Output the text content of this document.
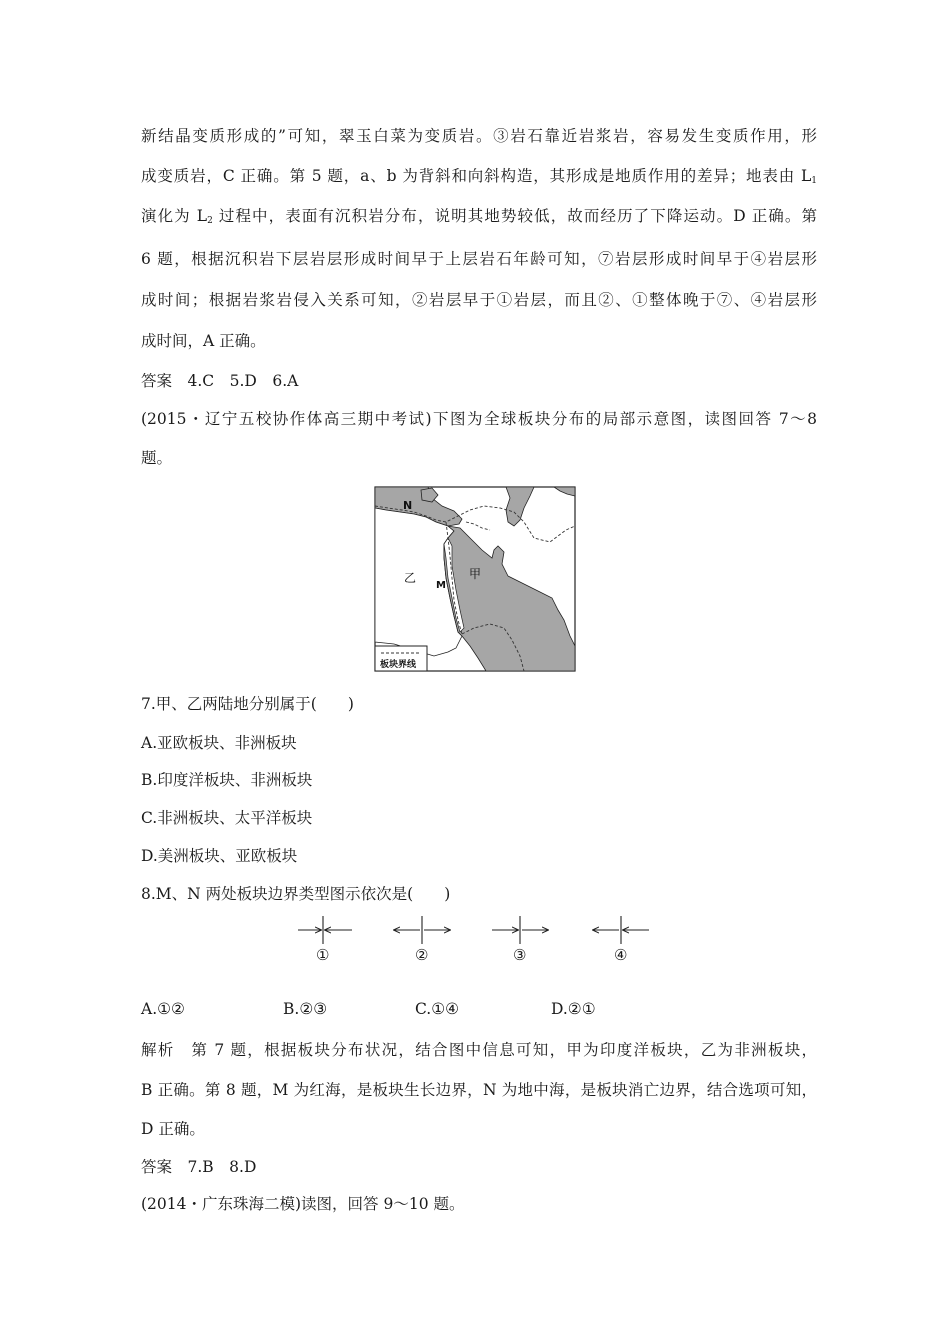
新结晶变质形成的”可知，翠玉白菜为变质岩。③岩石靠近岩浆岩，容易发生变质作用，形
成变质岩，C 正确。第 5 题，a、b 为背斜和向斜构造，其形成是地质作用的差异；地表由 $L_1$
演化为 $L_2$ 过程中，表面有沉积岩分布，说明其地势较低，故而经历了下降运动。D 正确。第
6 题，根据沉积岩下层岩层形成时间早于上层岩石年龄可知，⑦岩层形成时间早于④岩层形
成时间；根据岩浆岩侵入关系可知，②岩层早于①岩层，而且②、①整体晚于⑦、④岩层形
成时间，A 正确。
答案　4.C　5.D　6.A
(2015・辽宁五校协作体高三期中考试)下图为全球板块分布的局部示意图，读图回答 7～8
题。
板块界线
N
M
乙	甲
7.甲、乙两陆地分别属于(　　)
A.亚欧板块、非洲板块
B.印度洋板块、非洲板块
C.非洲板块、太平洋板块
D.美洲板块、亚欧板块
8.M、N 两处板块边界类型图示依次是(　　)
①	②	③	④
A.①②	B.②③	C.①④	D.②①
解析　第 7 题，根据板块分布状况，结合图中信息可知，甲为印度洋板块，乙为非洲板块，
B 正确。第 8 题，M 为红海，是板块生长边界，N 为地中海，是板块消亡边界，结合选项可知，
D 正确。
答案　7.B　8.D
(2014・广东珠海二模)读图，回答 9～10 题。
